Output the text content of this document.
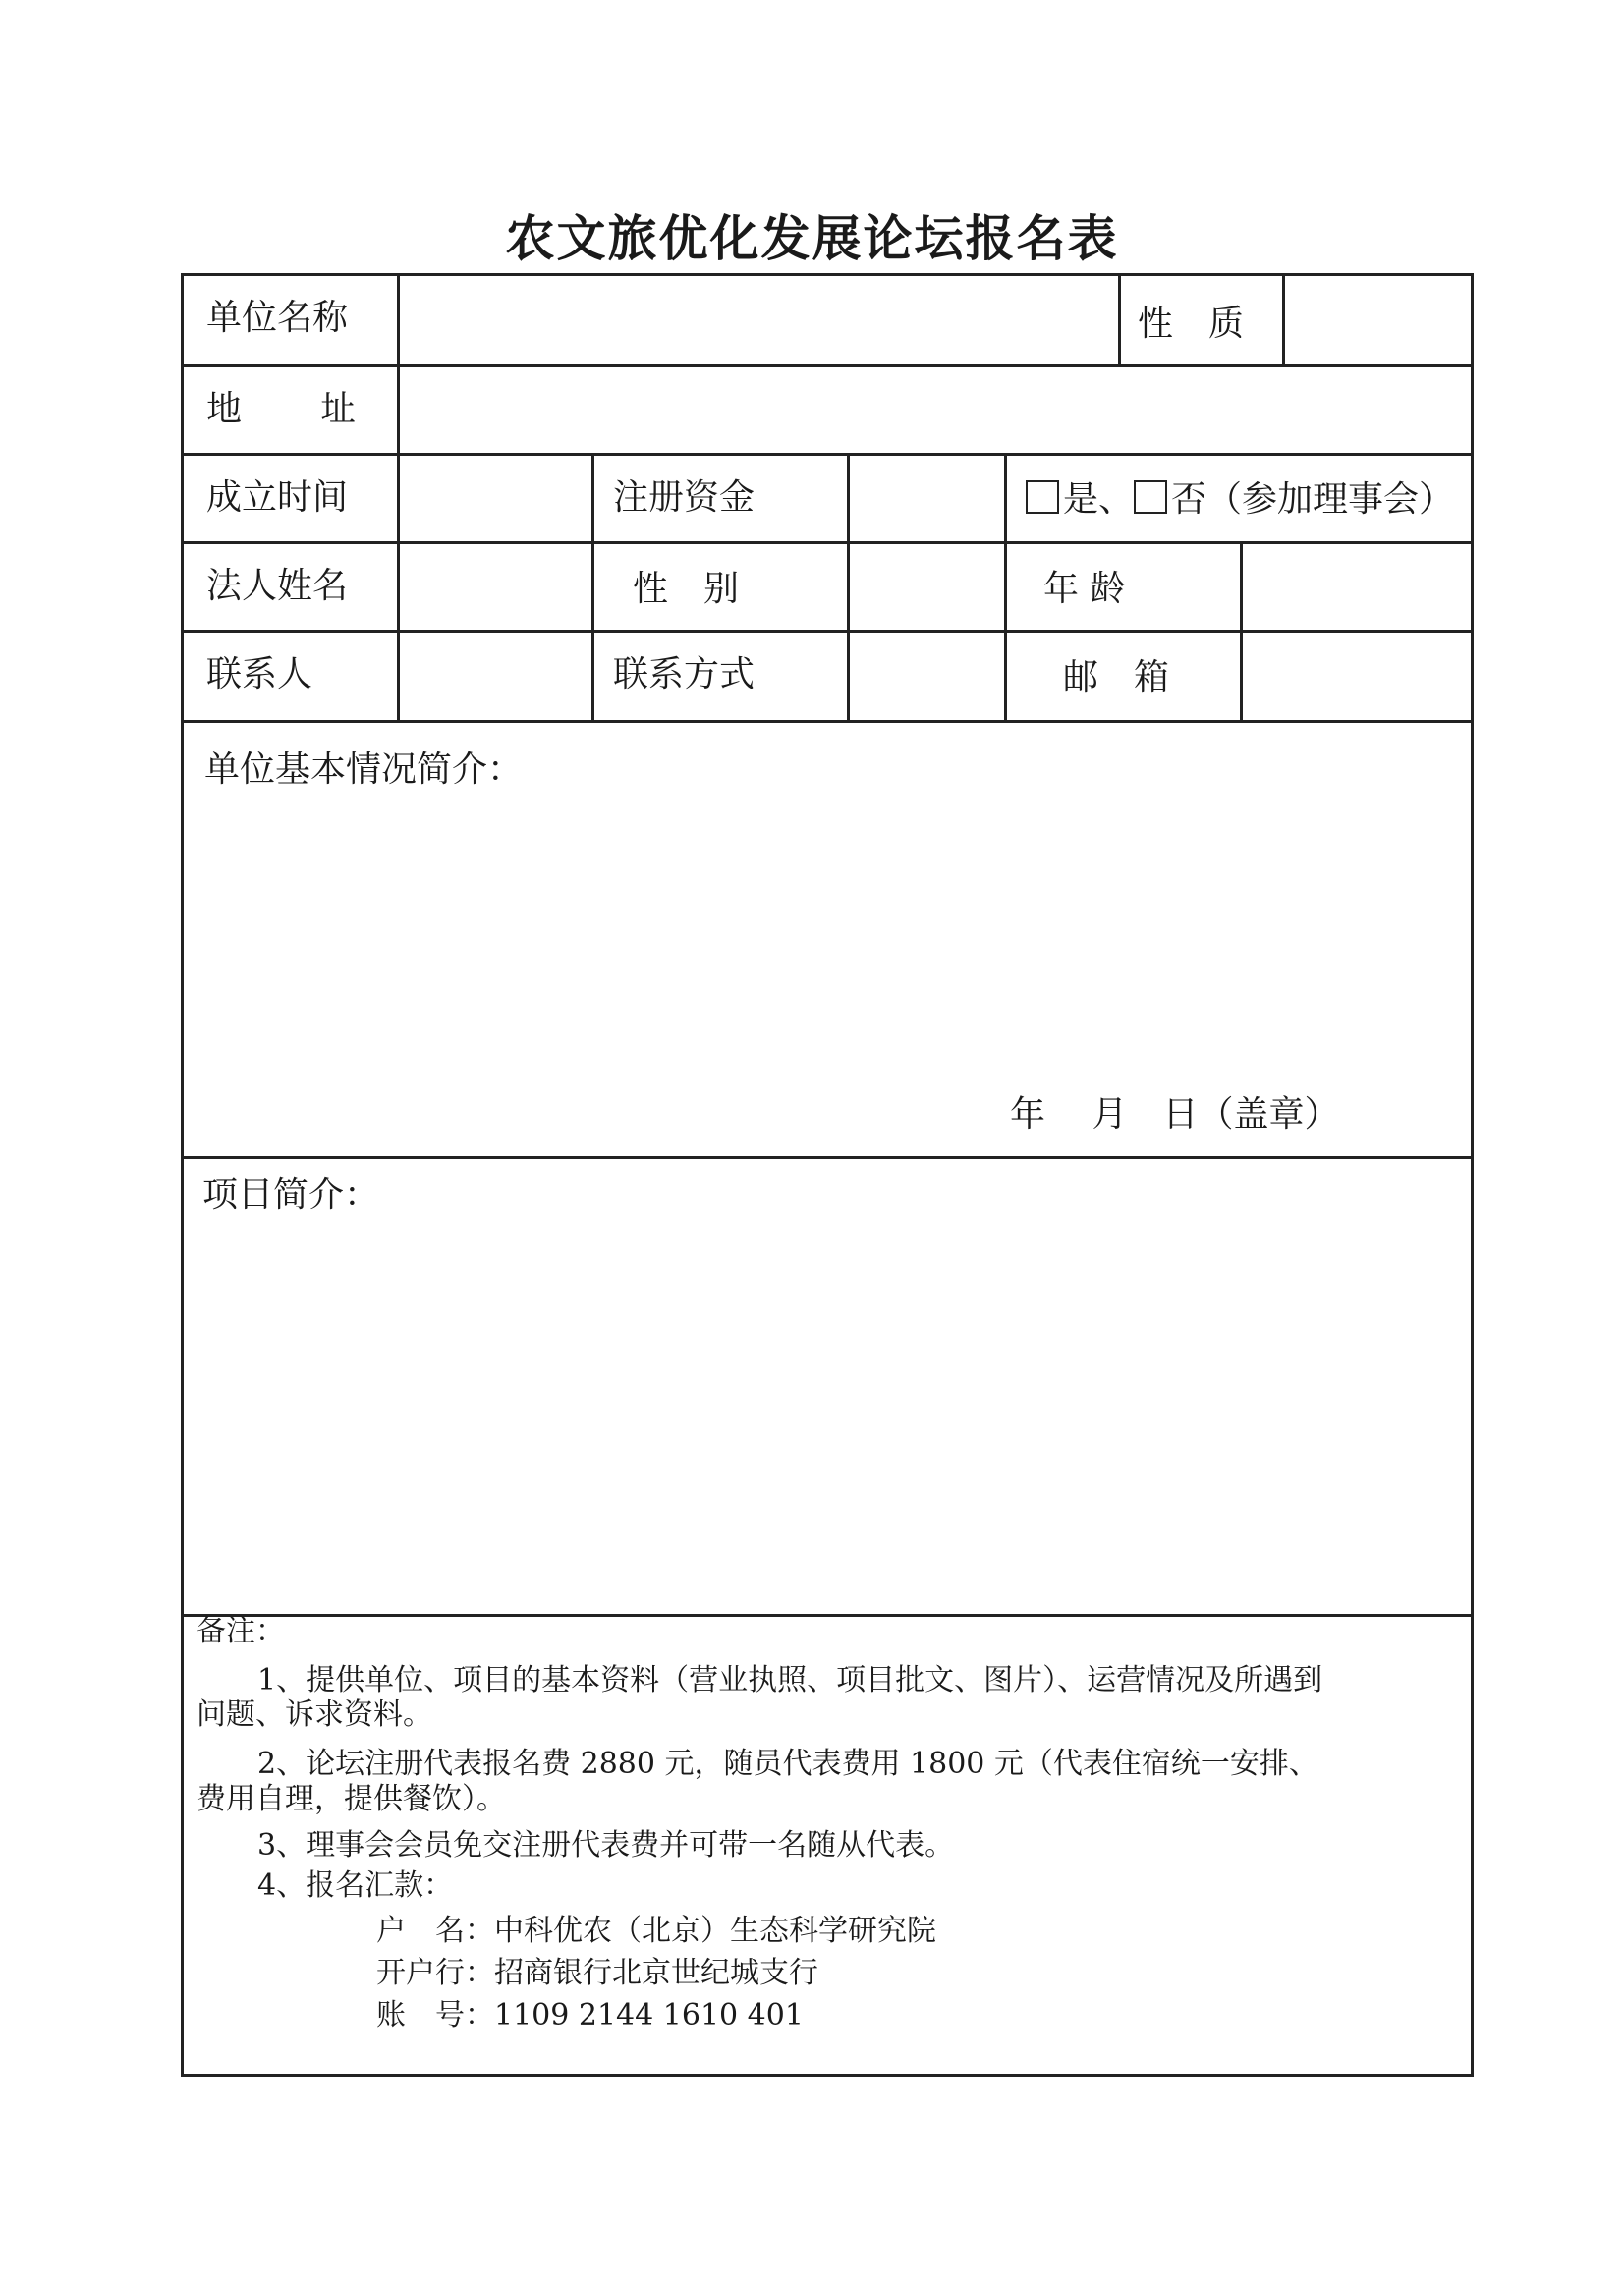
农文旅优化发展论坛报名表
单位名称	性　质
地 址
成立时间	注册资金	是、 否（参加理事会）
法人姓名	性　别	年 龄
联系人	联系方式	邮　箱
单位基本情况简介：
年　 月　日（盖章）
项目简介：
备注：
1、提供单位、项目的基本资料（营业执照、项目批文、图片）、运营情况及所遇到
问题、诉求资料。
2、论坛注册代表报名费 2880 元，随员代表费用 1800 元（代表住宿统一安排、
费用自理，提供餐饮）。
3、理事会会员免交注册代表费并可带一名随从代表。
4、报名汇款：
户　名：中科优农（北京）生态科学研究院
开户行：招商银行北京世纪城支行
账　号：1109 2144 1610 401
